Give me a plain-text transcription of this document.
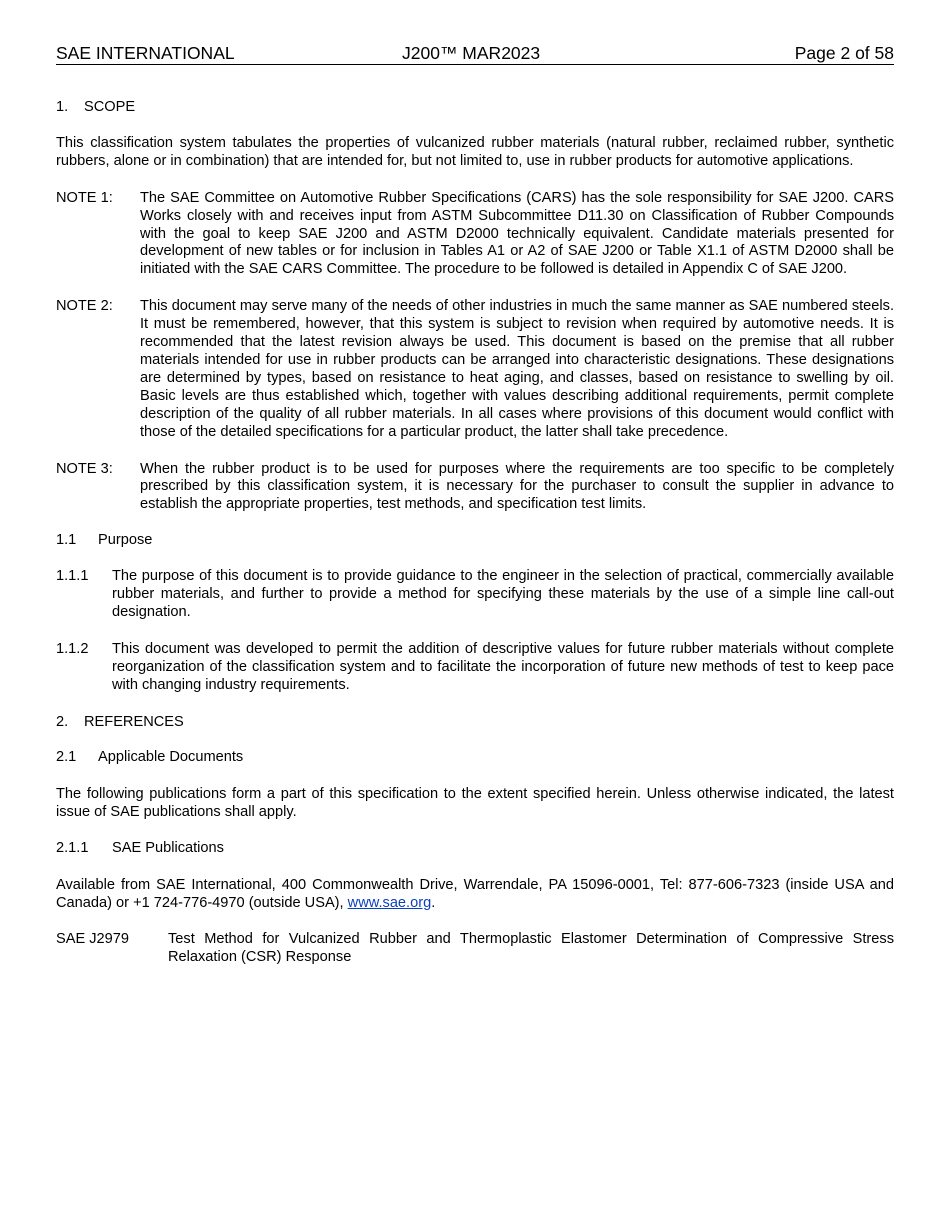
SAE INTERNATIONAL	J200™ MAR2023	Page 2 of 58
1. SCOPE
This classification system tabulates the properties of vulcanized rubber materials (natural rubber, reclaimed rubber, synthetic rubbers, alone or in combination) that are intended for, but not limited to, use in rubber products for automotive applications.
NOTE 1:	The SAE Committee on Automotive Rubber Specifications (CARS) has the sole responsibility for SAE J200. CARS Works closely with and receives input from ASTM Subcommittee D11.30 on Classification of Rubber Compounds with the goal to keep SAE J200 and ASTM D2000 technically equivalent. Candidate materials presented for development of new tables or for inclusion in Tables A1 or A2 of SAE J200 or Table X1.1 of ASTM D2000 shall be initiated with the SAE CARS Committee. The procedure to be followed is detailed in Appendix C of SAE J200.
NOTE 2:	This document may serve many of the needs of other industries in much the same manner as SAE numbered steels. It must be remembered, however, that this system is subject to revision when required by automotive needs. It is recommended that the latest revision always be used. This document is based on the premise that all rubber materials intended for use in rubber products can be arranged into characteristic designations. These designations are determined by types, based on resistance to heat aging, and classes, based on resistance to swelling by oil. Basic levels are thus established which, together with values describing additional requirements, permit complete description of the quality of all rubber materials. In all cases where provisions of this document would conflict with those of the detailed specifications for a particular product, the latter shall take precedence.
NOTE 3:	When the rubber product is to be used for purposes where the requirements are too specific to be completely prescribed by this classification system, it is necessary for the purchaser to consult the supplier in advance to establish the appropriate properties, test methods, and specification test limits.
1.1 Purpose
1.1.1	The purpose of this document is to provide guidance to the engineer in the selection of practical, commercially available rubber materials, and further to provide a method for specifying these materials by the use of a simple line call-out designation.
1.1.2	This document was developed to permit the addition of descriptive values for future rubber materials without complete reorganization of the classification system and to facilitate the incorporation of future new methods of test to keep pace with changing industry requirements.
2. REFERENCES
2.1 Applicable Documents
The following publications form a part of this specification to the extent specified herein. Unless otherwise indicated, the latest issue of SAE publications shall apply.
2.1.1 SAE Publications
Available from SAE International, 400 Commonwealth Drive, Warrendale, PA 15096-0001, Tel: 877-606-7323 (inside USA and Canada) or +1 724-776-4970 (outside USA), www.sae.org.
SAE J2979	Test Method for Vulcanized Rubber and Thermoplastic Elastomer Determination of Compressive Stress Relaxation (CSR) Response
